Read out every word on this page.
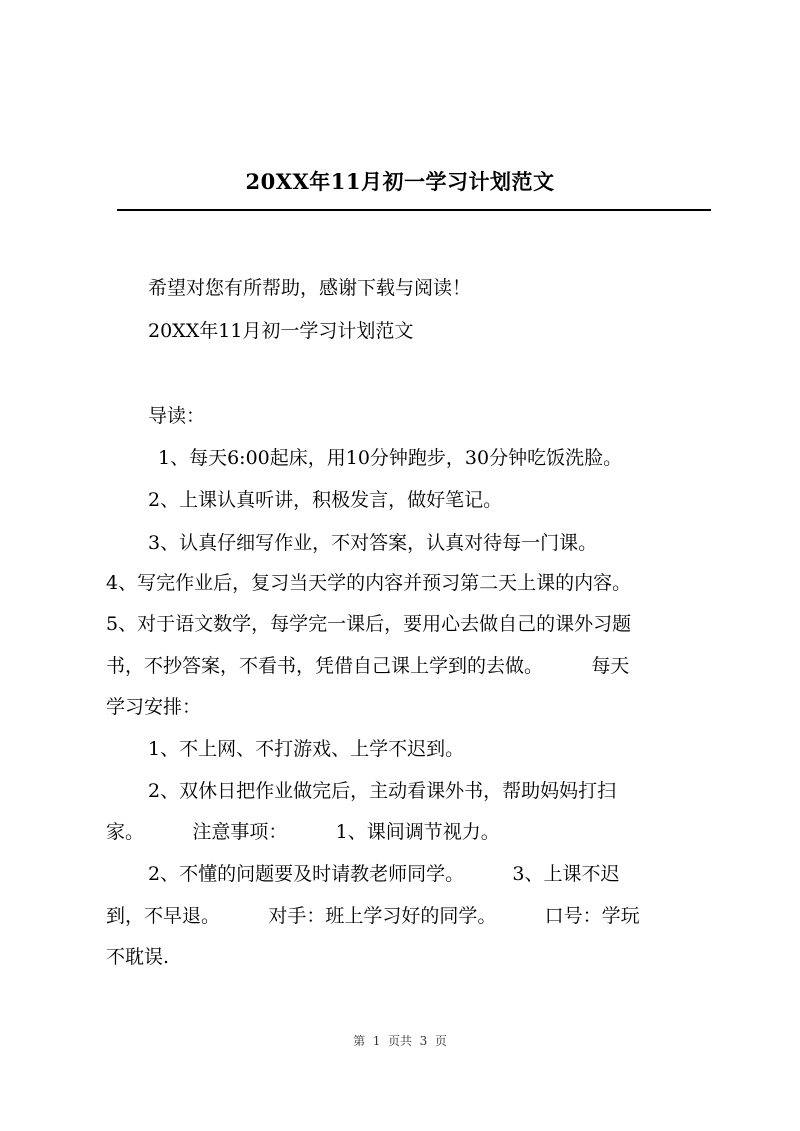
20XX年11月初一学习计划范文
希望对您有所帮助，感谢下载与阅读！
20XX年11月初一学习计划范文
导读：
1、每天6:00起床，用10分钟跑步，30分钟吃饭洗脸。
2、上课认真听讲，积极发言，做好笔记。
3、认真仔细写作业，不对答案，认真对待每一门课。
4、写完作业后，复习当天学的内容并预习第二天上课的内容。
5、对于语文数学，每学完一课后，要用心去做自己的课外习题
书，不抄答案，不看书，凭借自己课上学到的去做。        每天
学习安排：
1、不上网、不打游戏、上学不迟到。
2、双休日把作业做完后，主动看课外书，帮助妈妈打扫
家。        注意事项：        1、课间调节视力。
2、不懂的问题要及时请教老师同学。        3、上课不迟
到，不早退。        对手：班上学习好的同学。        口号：学玩
不耽误.
第  1  页共  3  页
